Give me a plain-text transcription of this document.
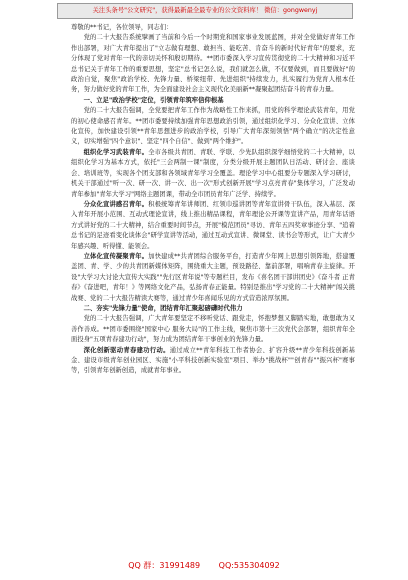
关注头条号"公文研究"，获得最新最全最专业的公文资料库！ 微信：gongwenyj

尊敬的**书记，各位领导，同志们：

党的二十大报告系统擘画了当前和今后一个时期党和国家事业发展蓝图，并对全党做好青年工作作出部署，对广大青年提出了"立志做有理想、敢担当、能吃苦、肯奋斗的新时代好青年"的要求，充分体现了党对青年一代的亲切关怀和殷切期待。**团市委深入学习宣传贯彻党的二十大精神和习近平总书记关于青年工作的重要思想，坚定"总书记怎么说，我们就怎么做，不仅要做到，而且要做好"的政治自觉，聚焦"政治学校、先锋力量、桥梁纽带、先进组织"持续发力，扎实履行为党育人根本任务，努力做好党的青年工作，为全面建设社会主义现代化美丽新**凝聚起团结奋斗的青春力量。

一、立足"政治学校"定位，引领青年筑牢信仰根基

党的二十大报告强调，全党要把青年工作作为战略性工作来抓，用党的科学理论武装青年，用党的初心使命感召青年。**团市委要持续加强青年思想政治引领，通过组织化学习、分众化宣讲、立体化宣传，加快建设引领**青年思想进步的政治学校，引导广大青年深刻领悟"两个确立"的决定性意义，切实增强"四个意识"、坚定"四个自信"、做到"两个维护"。

组织化学习武装青年。全市各级共青团、青联、学联、少先队组织深学细悟党的二十大精神，以组织化学习为基本方式，依托"三会两制一课"制度，分类分级开展主题团队日活动、研讨会、座谈会、培训班等，实现各个团支部和各领域青年学习全覆盖。理论学习中心组要分专题深入学习研讨，机关干部通过"听一次、研一次、讲一次、出一次"形式创新开展"学习点亮青春"集体学习，广泛发动青年参加"青年大学习"网络主题团课，带动全市团员青年广泛学、持续学。

分众化宣讲感召青年。积极统筹青年讲师团、红领巾巡讲团等青年宣讲骨干队伍，深入基层、深入青年开展小范围、互动式理论宣讲，线上推出精品课程，青年理论公开课等宣讲产品，用青年话语方式讲好党的二十大精神，结合重要时间节点，开展"模范团员"寻访、青年五四奖章事迹分享、"追着总书记的足迹看变化谈体会"研学宣讲等活动，通过互动式宣讲、微课堂、读书会等形式，让广大青少年感兴趣、听得懂、能领会。

立体化宣传凝聚青年。加快建成**共青团综合服务平台，打造青少年网上思想引领阵地，搭建覆盖团、青、学、少的共青团新媒体矩阵，围绕重大主题，预设路径、靠前部署，唱响青春主旋律。开设"大学习大讨论大宣传大实践""先行区青年说"等专题栏目，发布《喜名团干部讲团史》《奋斗者 正青春》《奋进吧，青年！》等网络文化产品，弘扬青春正能量。特别是推出"学习党的二十大精神"闯关挑战赛、党的二十大报告精读大赛等，通过青少年喜闻乐见的方式营造浓厚氛围。

二、夯实"先锋力量"使命，团结青年汇聚起磅礴时代伟力

党的二十大报告强调，广大青年要坚定不移听党话、跟党走，怀抱梦想又脚踏实地，敢想敢为又善作善成。**团市委围绕"国家中心 服务大局"的工作主线，聚焦市第十三次党代会部署，组织青年全面投身"五项青春建功行动"，努力成为团结青年干事创业的先锋力量。

深化创新驱动青春建功行动。通过成立**青年科技工作者协会、扩容升级**青少年科技创新基金、建设市级青年创业园区、实施"小平科技创新实验室"项目、举办"挑战杯""创青春""振兴杯"赛事等，引领青年创新创造，成就青年事业。

QQ 群：31991489 QQ:535304092
